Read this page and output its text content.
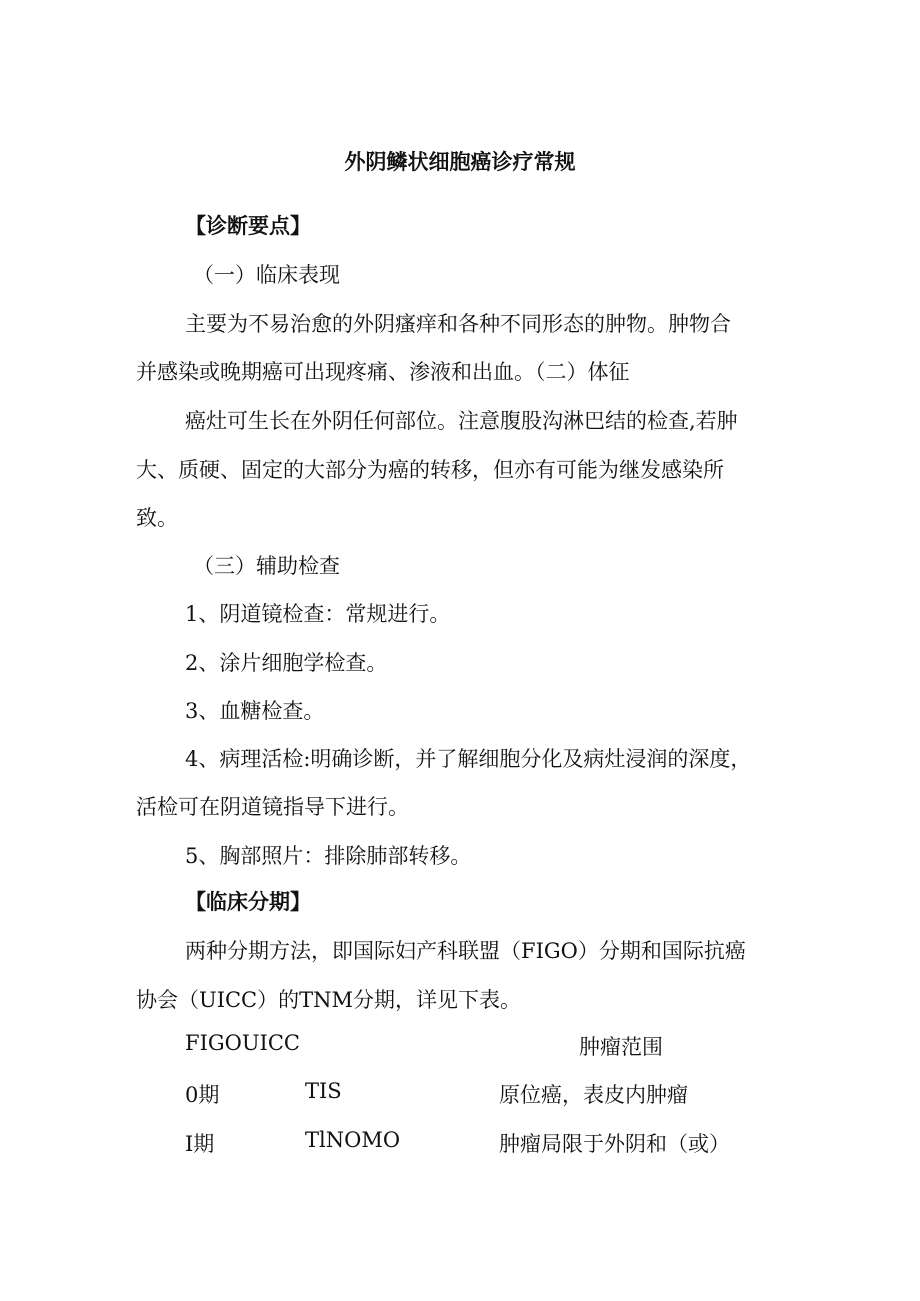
外阴鳞状细胞癌诊疗常规
【诊断要点】
（一）临床表现
主要为不易治愈的外阴瘙痒和各种不同形态的肿物。肿物合
并感染或晚期癌可出现疼痛、渗液和出血。（二）体征
癌灶可生长在外阴任何部位。注意腹股沟淋巴结的检查,若肿
大、质硬、固定的大部分为癌的转移，但亦有可能为继发感染所
致。
（三）辅助检查
1、阴道镜检查：常规进行。
2、涂片细胞学检查。
3、血糖检查。
4、病理活检:明确诊断，并了解细胞分化及病灶浸润的深度，
活检可在阴道镜指导下进行。
5、胸部照片：排除肺部转移。
【临床分期】
两种分期方法，即国际妇产科联盟（FIGO）分期和国际抗癌
协会（UICC）的TNM分期，详见下表。
FIGOUICC	肿瘤范围
0期	TIS	原位癌，表皮内肿瘤
I期	TlNOMO	肿瘤局限于外阴和（或）
